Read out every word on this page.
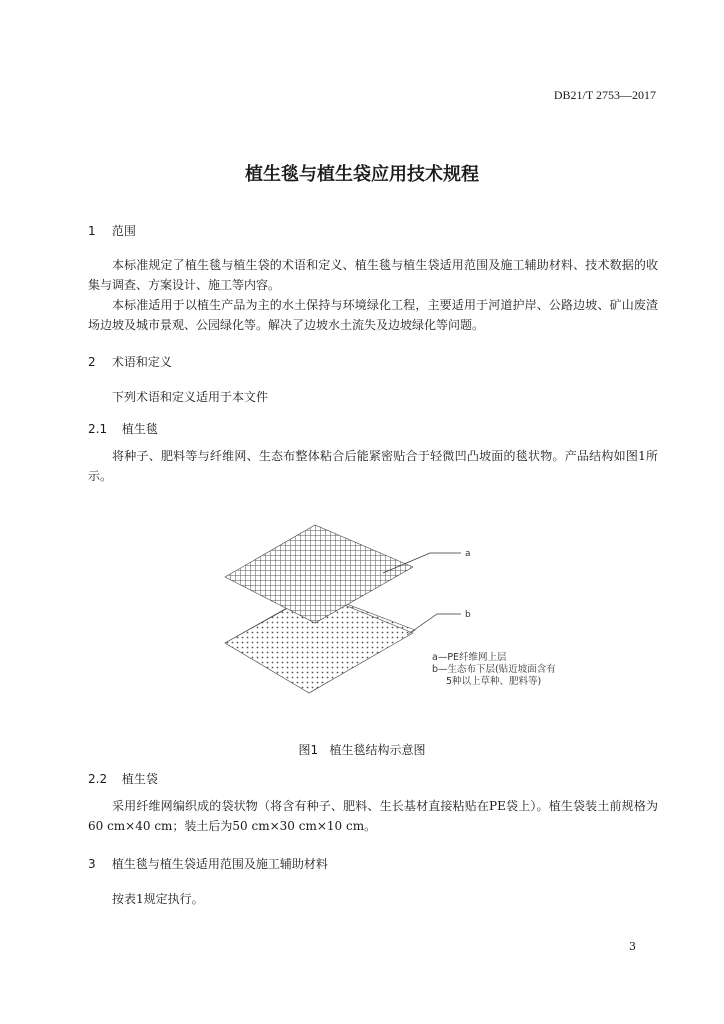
DB21/T 2753—2017
植生毯与植生袋应用技术规程
1 范围
本标准规定了植生毯与植生袋的术语和定义、植生毯与植生袋适用范围及施工辅助材料、技术数据的收集与调查、方案设计、施工等内容。
本标准适用于以植生产品为主的水土保持与环境绿化工程，主要适用于河道护岸、公路边坡、矿山废渣场边坡及城市景观、公园绿化等。解决了边坡水土流失及边坡绿化等问题。
2 术语和定义
下列术语和定义适用于本文件
2.1 植生毯
将种子、肥料等与纤维网、生态布整体粘合后能紧密贴合于轻微凹凸坡面的毯状物。产品结构如图1所示。
a
b
a—PE纤维网上层
b—生态布下层(贴近坡面含有
5种以上草种、肥料等)
图1 植生毯结构示意图
2.2 植生袋
采用纤维网编织成的袋状物（将含有种子、肥料、生长基材直接粘贴在PE袋上）。植生袋装土前规格为60 cm×40 cm；装土后为50 cm×30 cm×10 cm。
3 植生毯与植生袋适用范围及施工辅助材料
按表1规定执行。
3
